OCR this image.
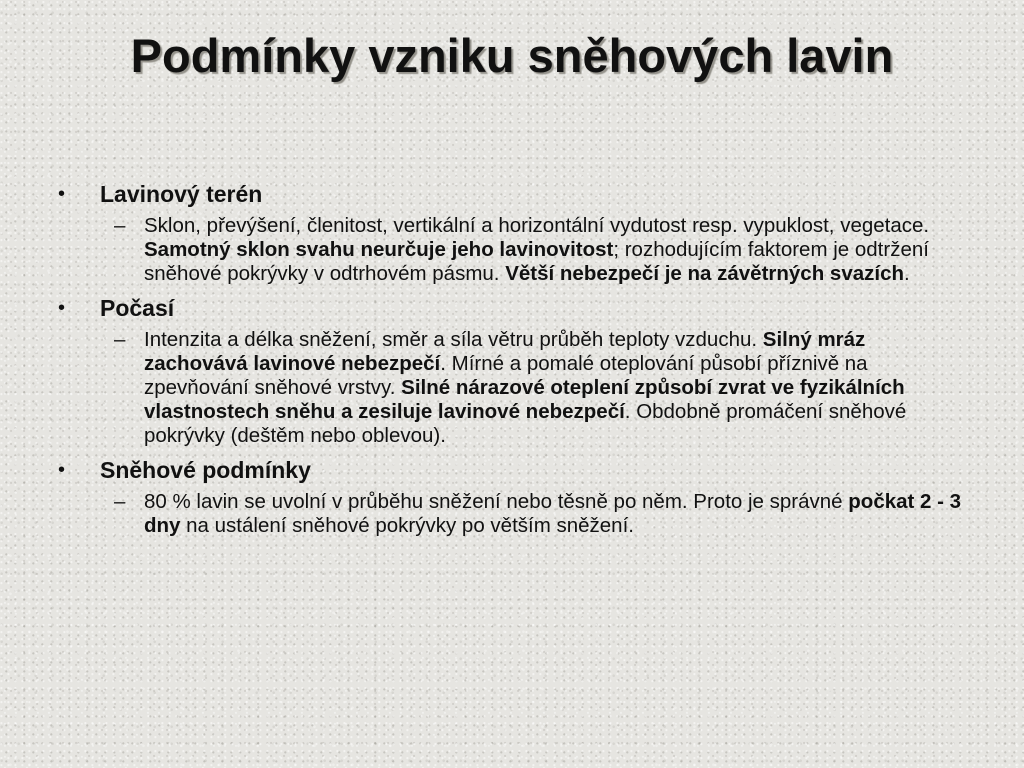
Podmínky vzniku sněhových lavin
• Lavinový terén
– Sklon, převýšení, členitost, vertikální a horizontální vydutost resp. vypuklost, vegetace. Samotný sklon svahu neurčuje jeho lavinovitost; rozhodujícím faktorem je odtržení sněhové pokrývky v odtrhovém pásmu. Větší nebezpečí je na závětrných svazích.
• Počasí
– Intenzita a délka sněžení, směr a síla větru průběh teploty vzduchu. Silný mráz zachovává lavinové nebezpečí. Mírné a pomalé oteplování působí příznivě na zpevňování sněhové vrstvy. Silné nárazové oteplení způsobí zvrat ve fyzikálních vlastnostech sněhu a zesiluje lavinové nebezpečí. Obdobně promáčení sněhové pokrývky (deštěm nebo oblevou).
• Sněhové podmínky
– 80 % lavin se uvolní v průběhu sněžení nebo těsně po něm. Proto je správné počkat 2 - 3 dny na ustálení sněhové pokrývky po větším sněžení.
